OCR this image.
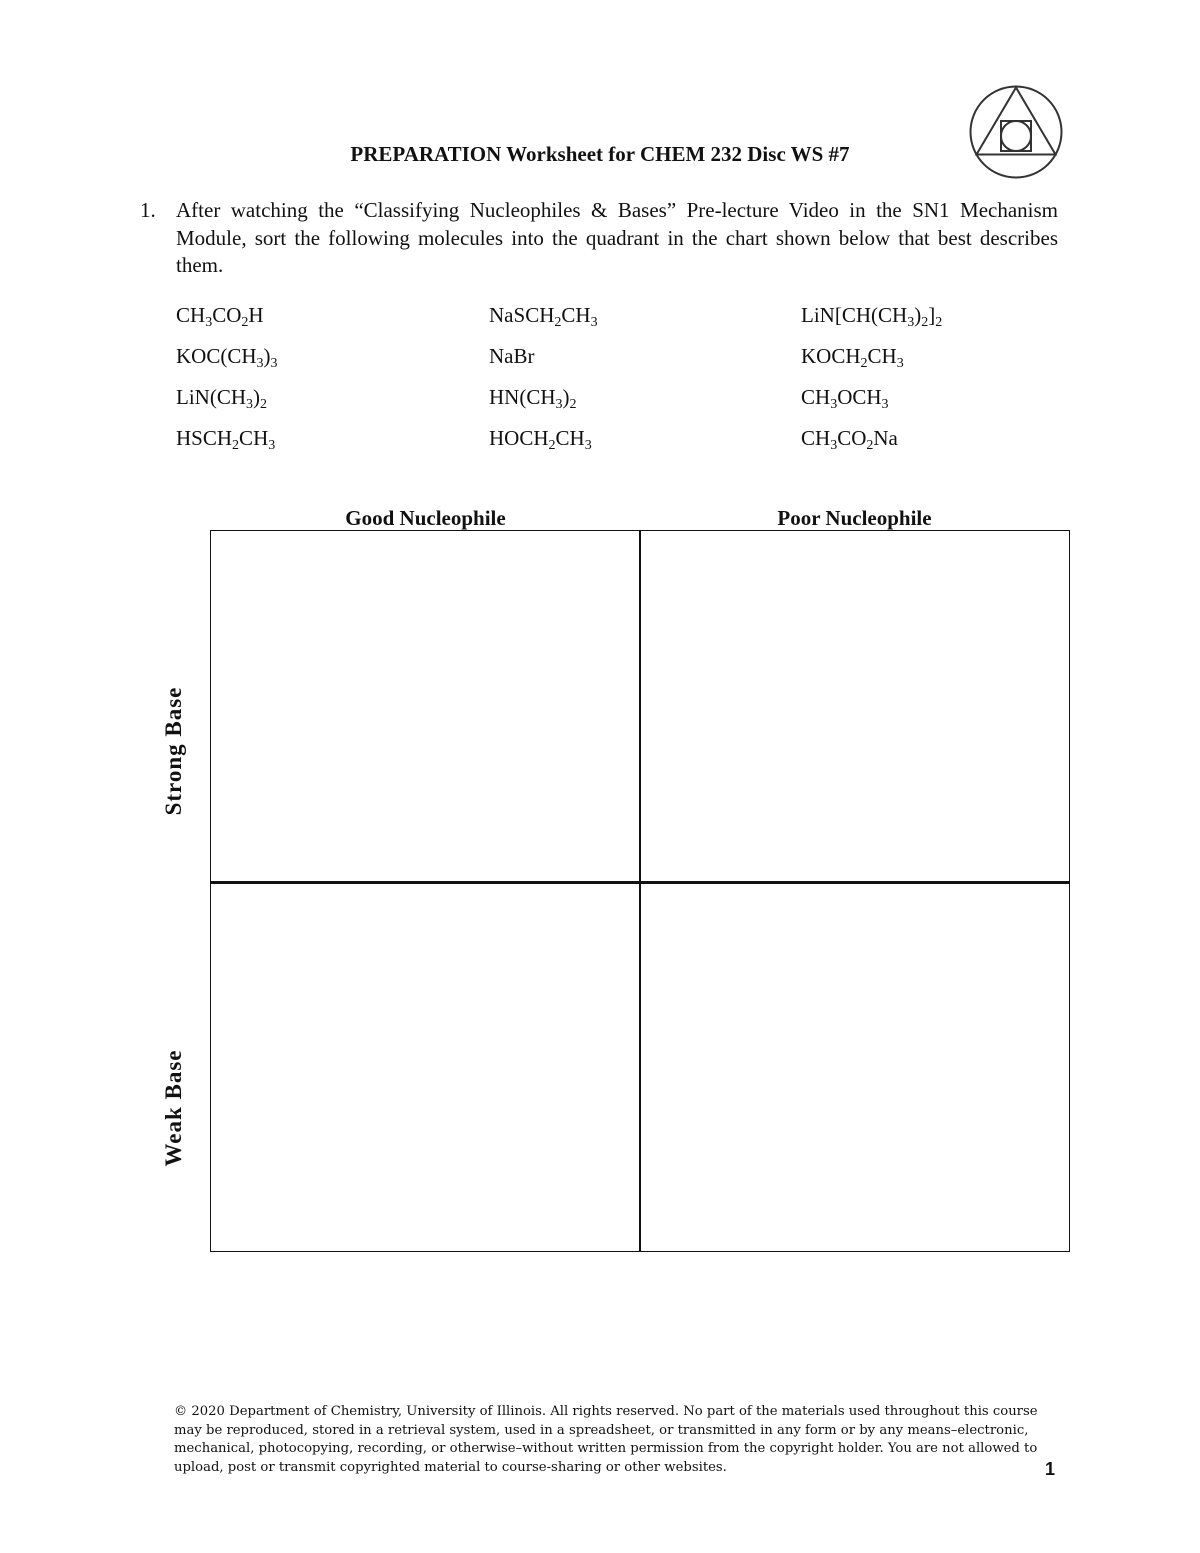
PREPARATION Worksheet for CHEM 232 Disc WS #7
1. After watching the “Classifying Nucleophiles & Bases” Pre-lecture Video in the SN1 Mechanism Module, sort the following molecules into the quadrant in the chart shown below that best describes them.
$CH_3CO_2H$	$NaSCH_2CH_3$	$LiN[CH(CH_3)_2]_2$
$KOC(CH_3)_3$	NaBr	$KOCH_2CH_3$
$LiN(CH_3)_2$	$HN(CH_3)_2$	$CH_3OCH_3$
$HSCH_2CH_3$	$HOCH_2CH_3$	$CH_3CO_2Na$
Good Nucleophile	Poor Nucleophile
Strong Base
Weak Base
© 2020 Department of Chemistry, University of Illinois. All rights reserved. No part of the materials used throughout this course may be reproduced, stored in a retrieval system, used in a spreadsheet, or transmitted in any form or by any means–electronic, mechanical, photocopying, recording, or otherwise–without written permission from the copyright holder. You are not allowed to upload, post or transmit copyrighted material to course-sharing or other websites.	1
